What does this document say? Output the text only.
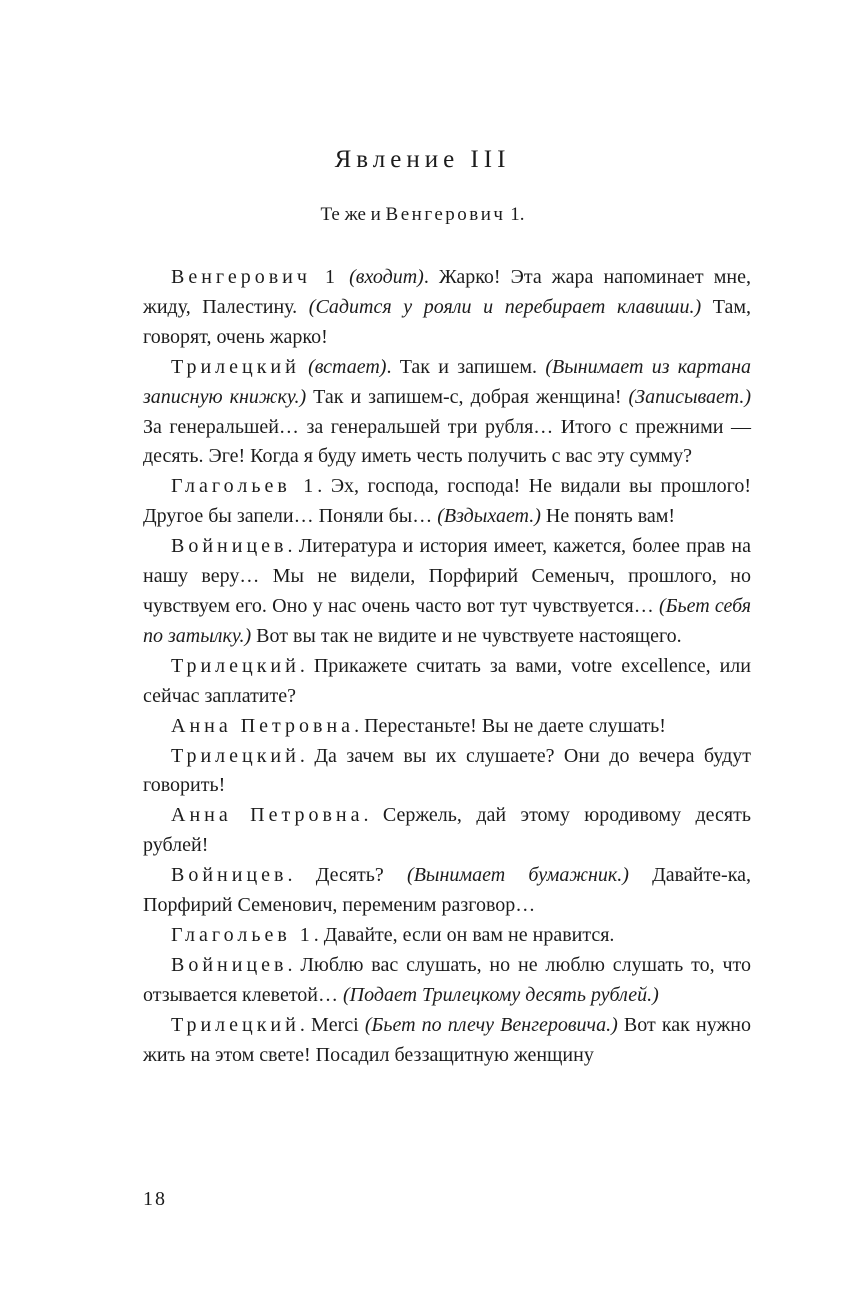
Явление III

Те же и Венгерович 1.

Венгерович 1 (входит). Жарко! Эта жара напоминает мне, жиду, Палестину. (Садится у рояли и перебирает клавиши.) Там, говорят, очень жарко!

Трилецкий (встает). Так и запишем. (Вынимает из карmана записную книжку.) Так и запишем-с, добрая женщина! (Записывает.) За генеральшей… за генеральшей три рубля… Итого с прежними — десять. Эге! Когда я буду иметь честь получить с вас эту сумму?

Глагольев 1. Эх, господа, господа! Не видали вы прошлого! Другое бы запели… Поняли бы… (Вздыхает.) Не понять вам!

Войницев. Литература и история имеет, кажется, более прав на нашу веру… Мы не видели, Порфирий Семеныч, прошлого, но чувствуем его. Оно у нас очень часто вот тут чувствуется… (Бьет себя по затылку.) Вот вы так не видите и не чувствуете настоящего.

Трилецкий. Прикажете считать за вами, votre excellence, или сейчас заплатите?

Анна Петровна. Перестаньте! Вы не даете слушать!

Трилецкий. Да зачем вы их слушаете? Они до вечера будут говорить!

Анна Петровна. Сержель, дай этому юродивому десять рублей!

Войницев. Десять? (Вынимает бумажник.) Давайте-ка, Порфирий Семенович, переменим разговор…

Глагольев 1. Давайте, если он вам не нравится.

Войницев. Люблю вас слушать, но не люблю слушать то, что отзывается клеветой… (Подает Трилецкому десять рублей.)

Трилецкий. Merci (Бьет по плечу Венгеровича.) Вот как нужно жить на этом свете! Посадил беззащитную женщину

18
